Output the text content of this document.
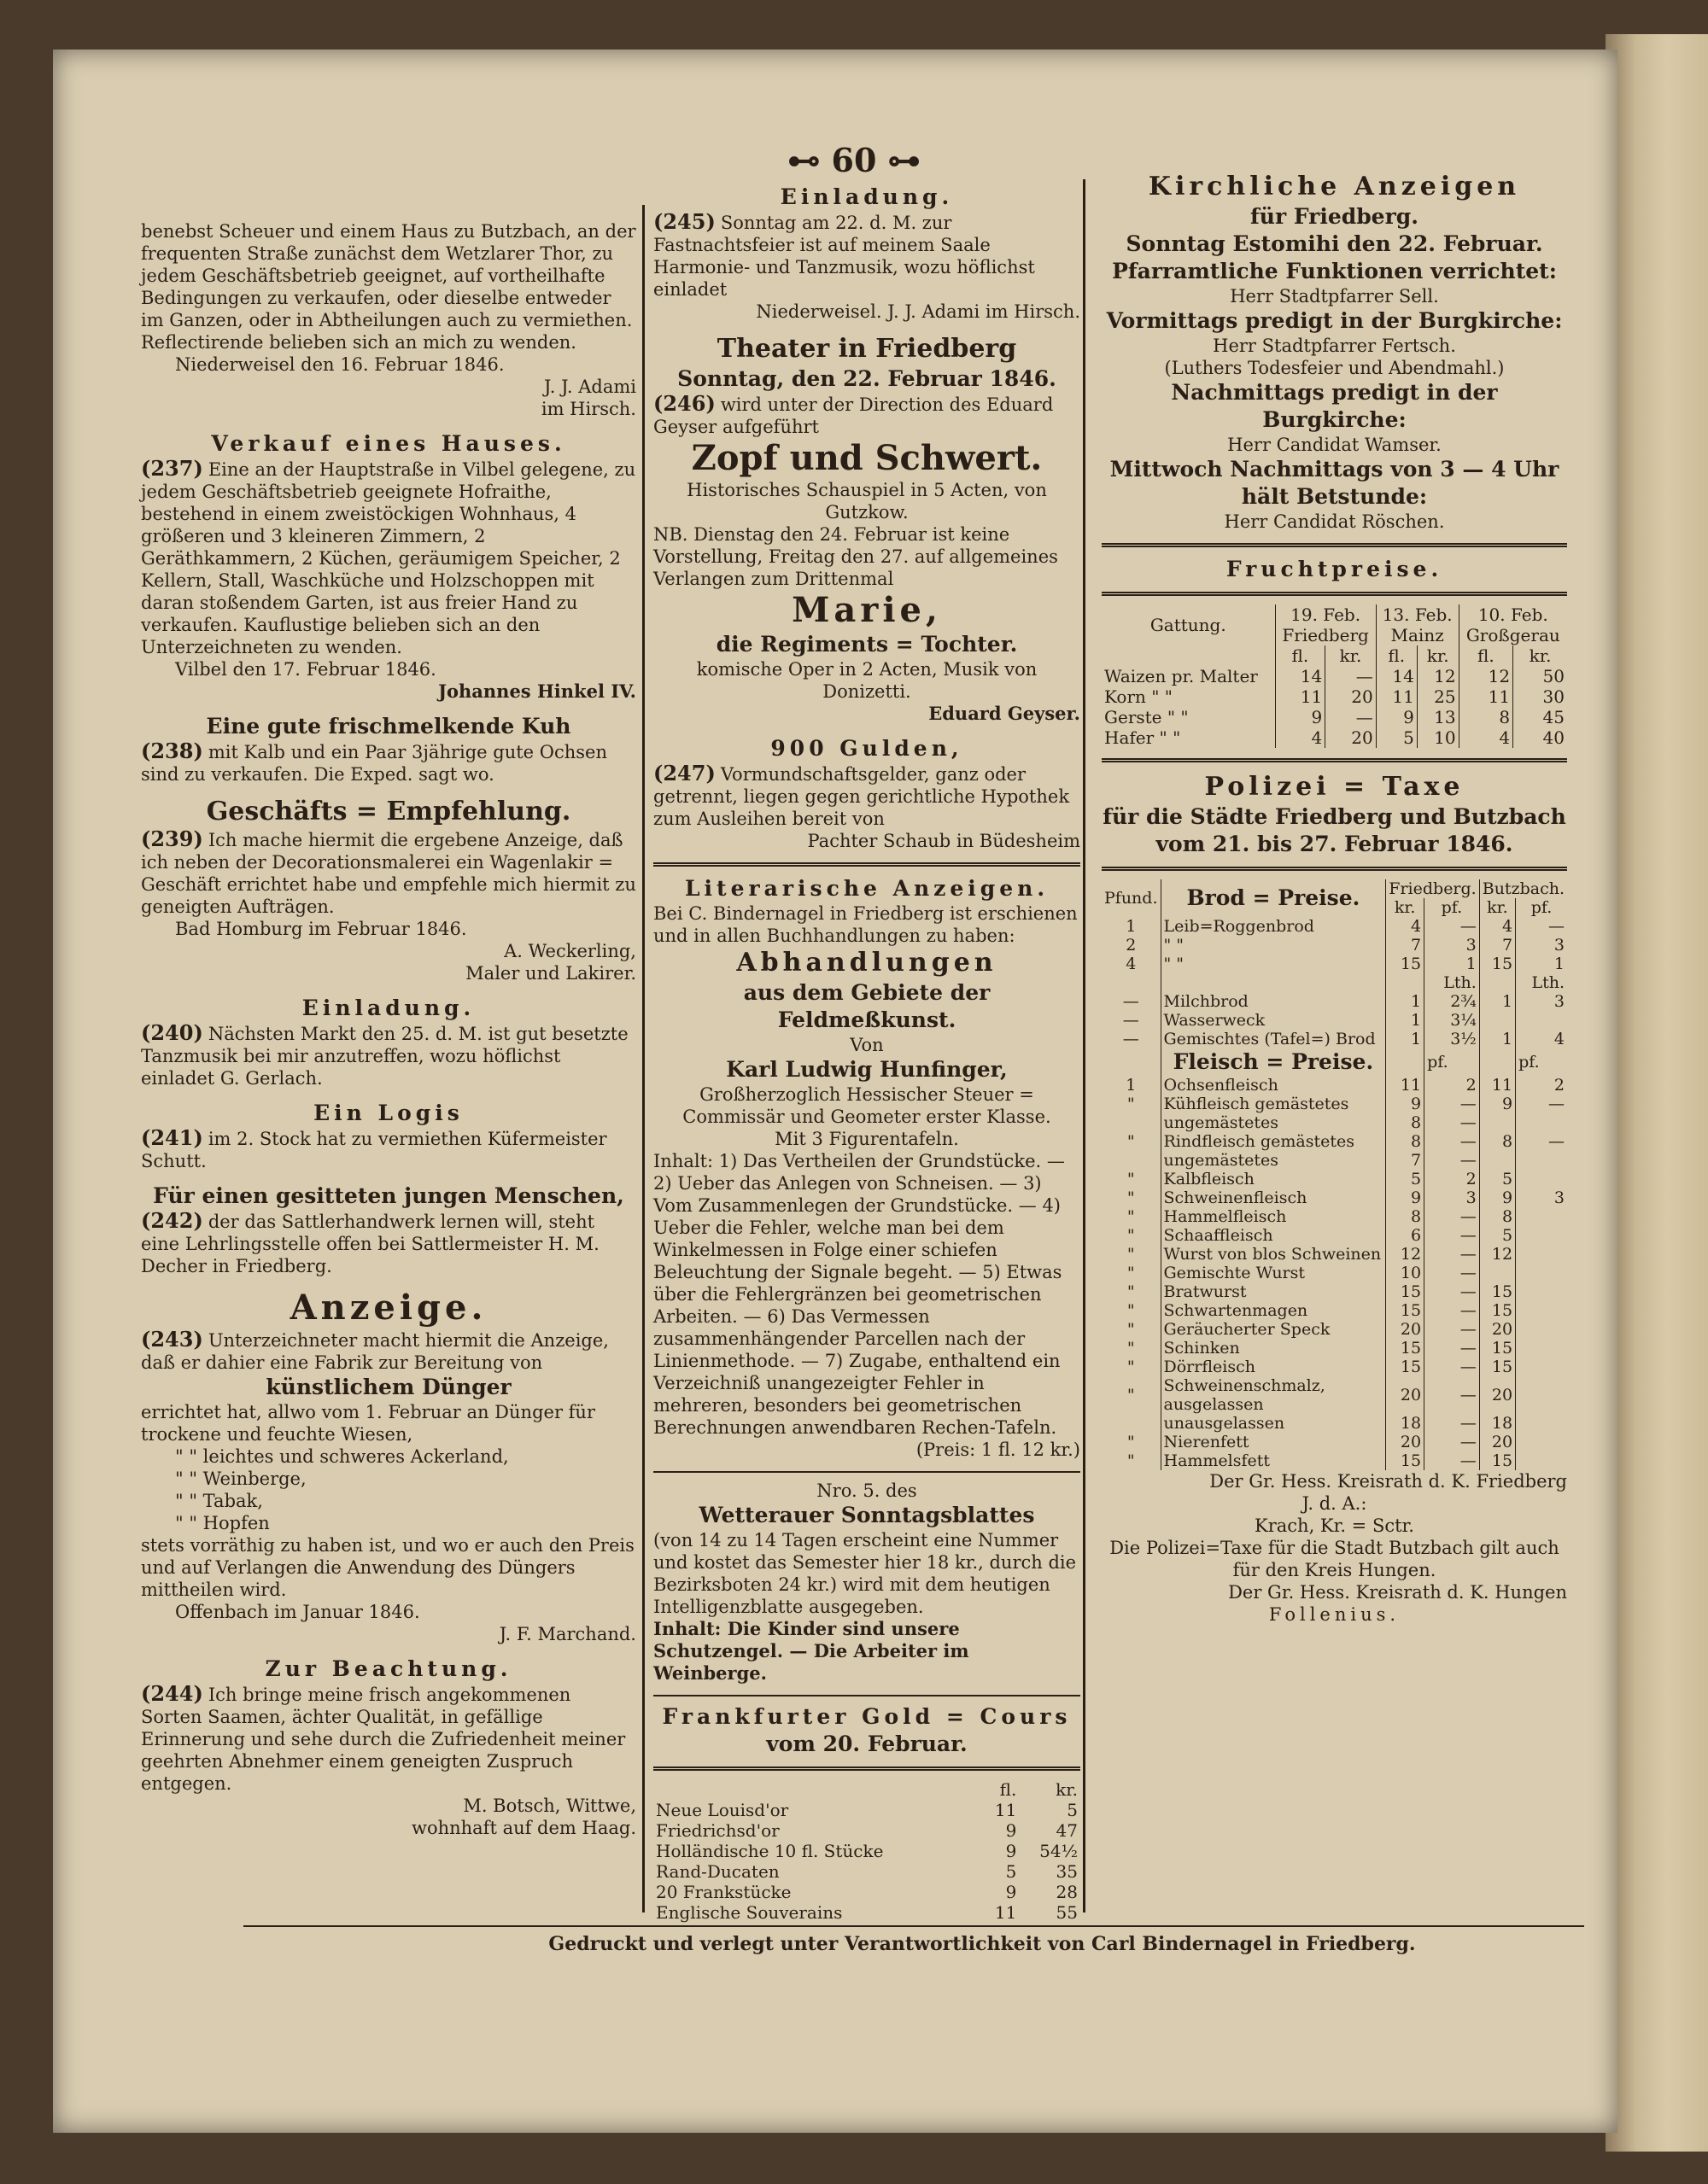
⊷ 60 ⊶

benebst Scheuer und einem Haus zu Butzbach, an der frequenten Straße zunächst dem Wetzlarer Thor, zu jedem Geschäftsbetrieb geeignet, auf vortheilhafte Bedingungen zu verkaufen, oder dieselbe entweder im Ganzen, oder in Abtheilungen auch zu vermiethen. Reflectirende belieben sich an mich zu wenden.

Niederweisel den 16. Februar 1846.

J. J. Adami

im Hirsch.

Verkauf eines Hauses.

(237) Eine an der Hauptstraße in Vilbel gelegene, zu jedem Geschäftsbetrieb geeignete Hofraithe, bestehend in einem zweistöckigen Wohnhaus, 4 größeren und 3 kleineren Zimmern, 2 Geräthkammern, 2 Küchen, geräumigem Speicher, 2 Kellern, Stall, Waschküche und Holzschoppen mit daran stoßendem Garten, ist aus freier Hand zu verkaufen. Kauflustige belieben sich an den Unterzeichneten zu wenden.

Vilbel den 17. Februar 1846.

Johannes Hinkel IV.

Eine gute frischmelkende Kuh

(238) mit Kalb und ein Paar 3jährige gute Ochsen sind zu verkaufen. Die Exped. sagt wo.

Geschäfts = Empfehlung.

(239) Ich mache hiermit die ergebene Anzeige, daß ich neben der Decorationsmalerei ein Wagenlakir = Geschäft errichtet habe und empfehle mich hiermit zu geneigten Aufträgen.

Bad Homburg im Februar 1846.

A. Weckerling,

Maler und Lakirer.

Einladung.

(240) Nächsten Markt den 25. d. M. ist gut besetzte Tanzmusik bei mir anzutreffen, wozu höflichst einladet G. Gerlach.

Ein Logis

(241) im 2. Stock hat zu vermiethen Küfermeister Schutt.

Für einen gesitteten jungen Menschen,

(242) der das Sattlerhandwerk lernen will, steht eine Lehrlingsstelle offen bei Sattlermeister H. M. Decher in Friedberg.

Anzeige.

(243) Unterzeichneter macht hiermit die Anzeige, daß er dahier eine Fabrik zur Bereitung von

künstlichem Dünger

errichtet hat, allwo vom 1. Februar an Dünger für trockene und feuchte Wiesen,

" " leichtes und schweres Ackerland,

" " Weinberge,

" " Tabak,

" " Hopfen

stets vorräthig zu haben ist, und wo er auch den Preis und auf Verlangen die Anwendung des Düngers mittheilen wird.

Offenbach im Januar 1846.

J. F. Marchand.

Zur Beachtung.

(244) Ich bringe meine frisch angekommenen Sorten Saamen, ächter Qualität, in gefällige Erinnerung und sehe durch die Zufriedenheit meiner geehrten Abnehmer einem geneigten Zuspruch entgegen.

M. Botsch, Wittwe,

wohnhaft auf dem Haag.

Einladung.

(245) Sonntag am 22. d. M. zur Fastnachtsfeier ist auf meinem Saale Harmonie- und Tanzmusik, wozu höflichst einladet

Niederweisel. J. J. Adami im Hirsch.

Theater in Friedberg

Sonntag, den 22. Februar 1846.

(246) wird unter der Direction des Eduard Geyser aufgeführt

Zopf und Schwert.

Historisches Schauspiel in 5 Acten, von Gutzkow.

NB. Dienstag den 24. Februar ist keine Vorstellung, Freitag den 27. auf allgemeines Verlangen zum Drittenmal

Marie,

die Regiments = Tochter.

komische Oper in 2 Acten, Musik von Donizetti.

Eduard Geyser.

900 Gulden,

(247) Vormundschaftsgelder, ganz oder getrennt, liegen gegen gerichtliche Hypothek zum Ausleihen bereit von

Pachter Schaub in Büdesheim

Literarische Anzeigen.

Bei C. Bindernagel in Friedberg ist erschienen und in allen Buchhandlungen zu haben:

Abhandlungen

aus dem Gebiete der Feldmeßkunst.

Von

Karl Ludwig Hunfinger,

Großherzoglich Hessischer Steuer = Commissär und Geometer erster Klasse.

Mit 3 Figurentafeln.

Inhalt: 1) Das Vertheilen der Grundstücke. — 2) Ueber das Anlegen von Schneisen. — 3) Vom Zusammenlegen der Grundstücke. — 4) Ueber die Fehler, welche man bei dem Winkelmessen in Folge einer schiefen Beleuchtung der Signale begeht. — 5) Etwas über die Fehlergränzen bei geometrischen Arbeiten. — 6) Das Vermessen zusammenhängender Parcellen nach der Linienmethode. — 7) Zugabe, enthaltend ein Verzeichniß unangezeigter Fehler in mehreren, besonders bei geometrischen Berechnungen anwendbaren Rechen-Tafeln.

(Preis: 1 fl. 12 kr.)

Nro. 5. des

Wetterauer Sonntagsblattes

(von 14 zu 14 Tagen erscheint eine Nummer und kostet das Semester hier 18 kr., durch die Bezirksboten 24 kr.) wird mit dem heutigen Intelligenzblatte ausgegeben.

Inhalt: Die Kinder sind unsere Schutzengel. — Die Arbeiter im Weinberge.

Frankfurter Gold = Cours

vom 20. Februar.

	fl.	kr.
Neue Louisd'or	11	5
Friedrichsd'or	9	47
Holländische 10 fl. Stücke	9	54½
Rand-Ducaten	5	35
20 Frankstücke	9	28
Englische Souverains	11	55

Kirchliche Anzeigen

für Friedberg.

Sonntag Estomihi den 22. Februar.

Pfarramtliche Funktionen verrichtet:

Herr Stadtpfarrer Sell.

Vormittags predigt in der Burgkirche:

Herr Stadtpfarrer Fertsch.

(Luthers Todesfeier und Abendmahl.)

Nachmittags predigt in der Burgkirche:

Herr Candidat Wamser.

Mittwoch Nachmittags von 3 — 4 Uhr

hält Betstunde:

Herr Candidat Röschen.

Fruchtpreise.

Gattung.	19. Feb.		13. Feb.		10. Feb.	
	Friedberg		Mainz		Großgerau	
	fl.	kr.	fl.	kr.	fl.	kr.
Waizen pr. Malter	14	—	14	12	12	50
Korn " "	11	20	11	25	11	30
Gerste " "	9	—	9	13	8	45
Hafer " "	4	20	5	10	4	40

Polizei = Taxe

für die Städte Friedberg und Butzbach

vom 21. bis 27. Februar 1846.

Pfund.	Brod = Preise.	Friedberg.		Butzbach.	
		kr.	pf.	kr.	pf.
1	Leib=Roggenbrod	4	—	4	—
2	" "	7	3	7	3
4	" "	15	1	15	1
			Lth.		Lth.
—	Milchbrod	1	2¾	1	3
—	Wasserweck	1	3¼		
—	Gemischtes (Tafel=) Brod	1	3½	1	4
	Fleisch = Preise.		pf.		pf.
1	Ochsenfleisch	11	2	11	2
"	Kühfleisch gemästetes	9	—	9	—
	ungemästetes	8	—		
"	Rindfleisch gemästetes	8	—	8	—
	ungemästetes	7	—		
"	Kalbfleisch	5	2	5	
"	Schweinenfleisch	9	3	9	3
"	Hammelfleisch	8	—	8	
"	Schaaffleisch	6	—	5	
"	Wurst von blos Schweinen	12	—	12	
"	Gemischte Wurst	10	—		
"	Bratwurst	15	—	15	
"	Schwartenmagen	15	—	15	
"	Geräucherter Speck	20	—	20	
"	Schinken	15	—	15	
"	Dörrfleisch	15	—	15	
"	Schweinenschmalz, ausgelassen	20	—	20	
	unausgelassen	18	—	18	
"	Nierenfett	20	—	20	
"	Hammelsfett	15	—	15	

Der Gr. Hess. Kreisrath d. K. Friedberg

J. d. A.:

Krach, Kr. = Sctr.

Die Polizei=Taxe für die Stadt Butzbach gilt auch für den Kreis Hungen.

Der Gr. Hess. Kreisrath d. K. Hungen

Follenius.

Gedruckt und verlegt unter Verantwortlichkeit von Carl Bindernagel in Friedberg.
